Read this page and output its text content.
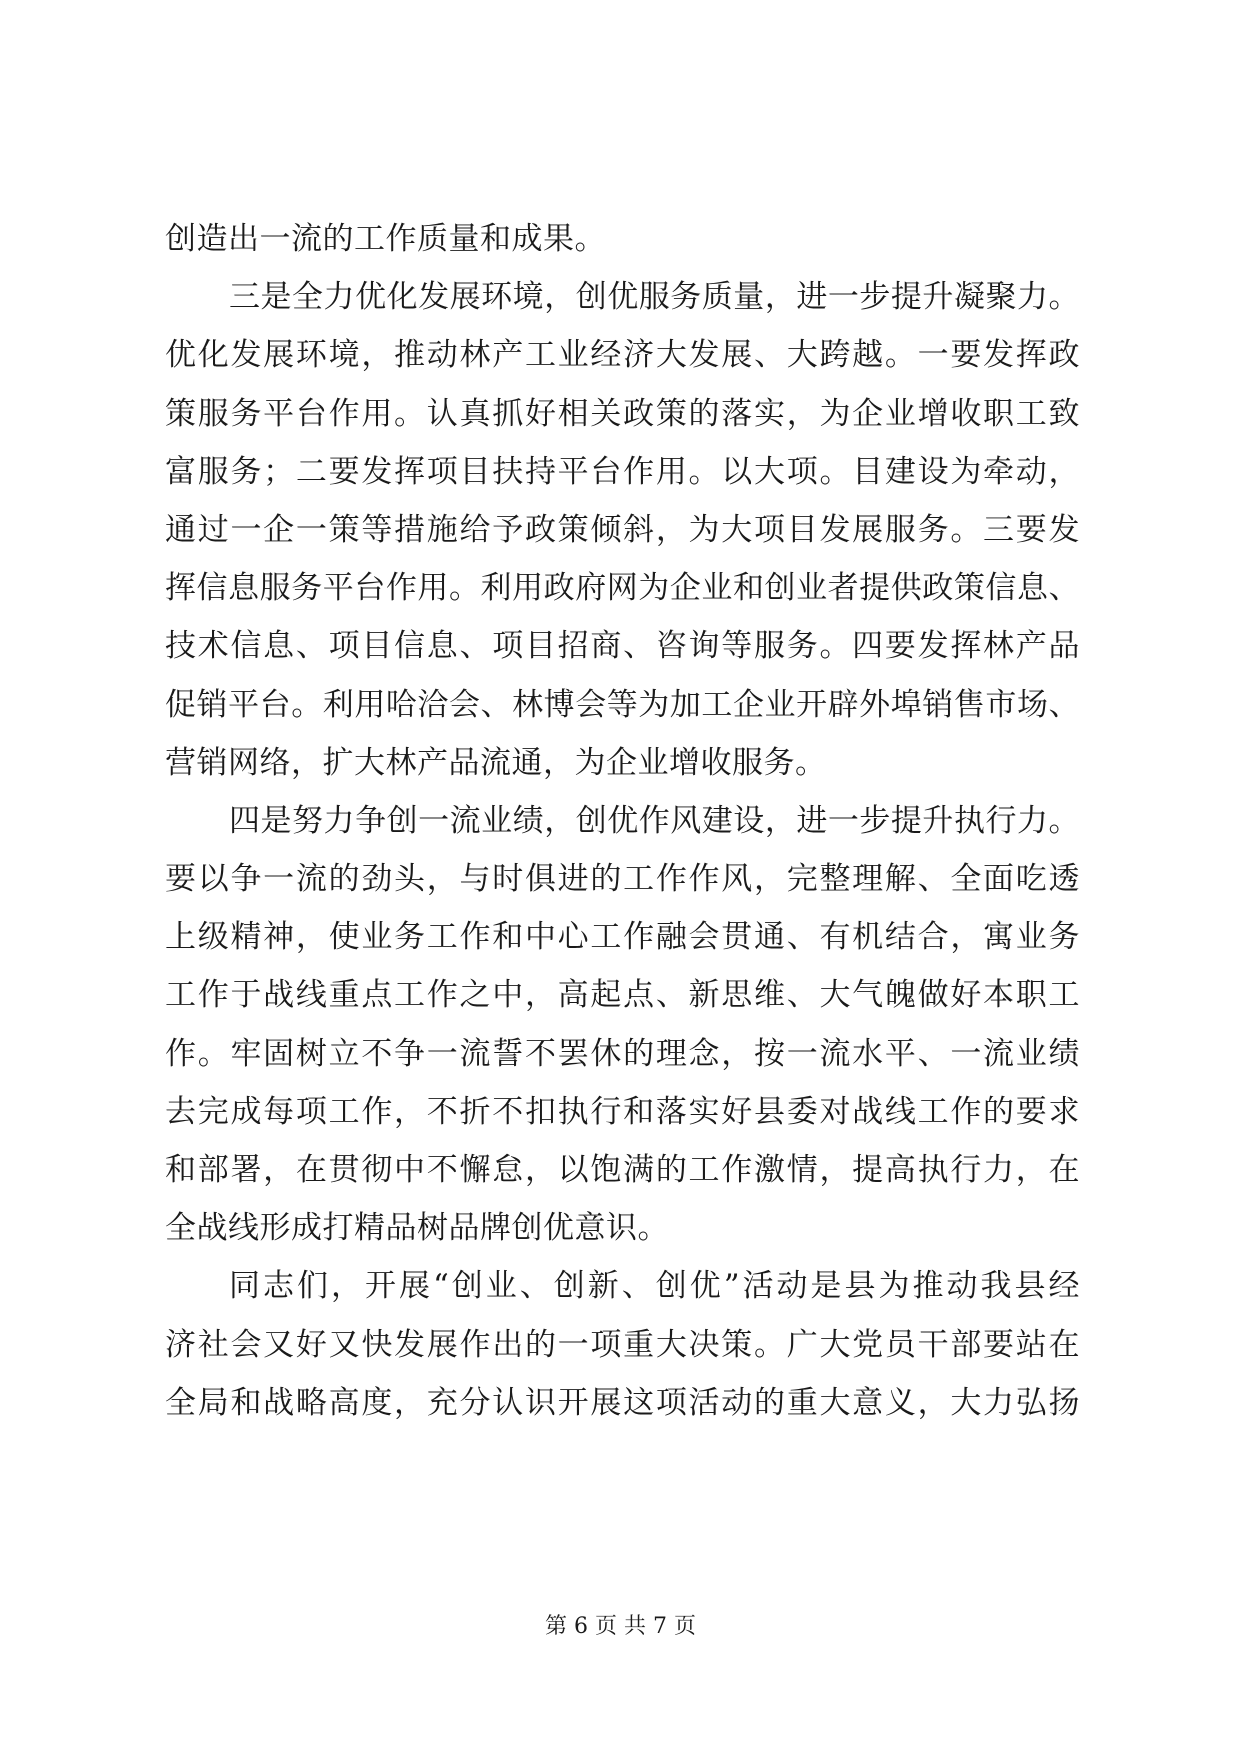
创造出一流的工作质量和成果。
三是全力优化发展环境，创优服务质量，进一步提升凝聚力。
优化发展环境，推动林产工业经济大发展、大跨越。一要发挥政
策服务平台作用。认真抓好相关政策的落实，为企业增收职工致
富服务；二要发挥项目扶持平台作用。以大项。目建设为牵动，
通过一企一策等措施给予政策倾斜，为大项目发展服务。三要发
挥信息服务平台作用。利用政府网为企业和创业者提供政策信息、
技术信息、项目信息、项目招商、咨询等服务。四要发挥林产品
促销平台。利用哈洽会、林博会等为加工企业开辟外埠销售市场、
营销网络，扩大林产品流通，为企业增收服务。
四是努力争创一流业绩，创优作风建设，进一步提升执行力。
要以争一流的劲头，与时俱进的工作作风，完整理解、全面吃透
上级精神，使业务工作和中心工作融会贯通、有机结合，寓业务
工作于战线重点工作之中，高起点、新思维、大气魄做好本职工
作。牢固树立不争一流誓不罢休的理念，按一流水平、一流业绩
去完成每项工作，不折不扣执行和落实好县委对战线工作的要求
和部署，在贯彻中不懈怠，以饱满的工作激情，提高执行力，在
全战线形成打精品树品牌创优意识。
同志们，开展“创业、创新、创优”活动是县为推动我县经
济社会又好又快发展作出的一项重大决策。广大党员干部要站在
全局和战略高度，充分认识开展这项活动的重大意义，大力弘扬
第 6 页 共 7 页
